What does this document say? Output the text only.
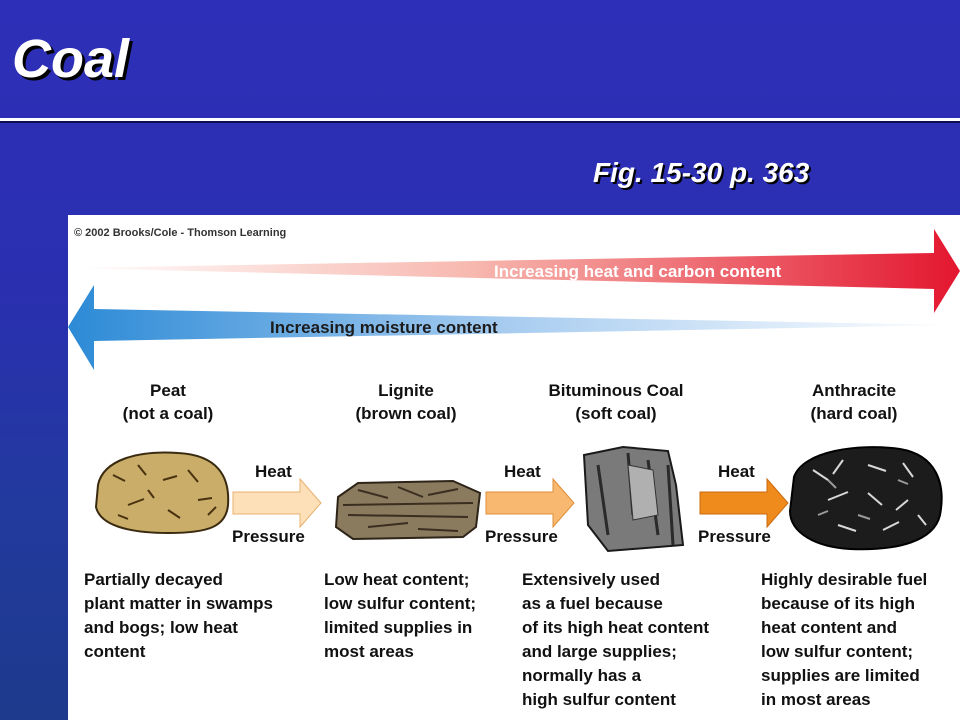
Coal
Fig. 15-30 p. 363
© 2002 Brooks/Cole - Thomson Learning
Increasing heat and carbon content
Increasing moisture content
Peat
(not a coal)
Lignite
(brown coal)
Bituminous Coal
(soft coal)
Anthracite
(hard coal)
Heat
Pressure
Heat
Pressure
Heat
Pressure
Partially decayed
plant matter in swamps
and bogs; low heat
content
Low heat content;
low sulfur content;
limited supplies in
most areas
Extensively used
as a fuel because
of its high heat content
and large supplies;
normally has a
high sulfur content
Highly desirable fuel
because of its high
heat content and
low sulfur content;
supplies are limited
in most areas
